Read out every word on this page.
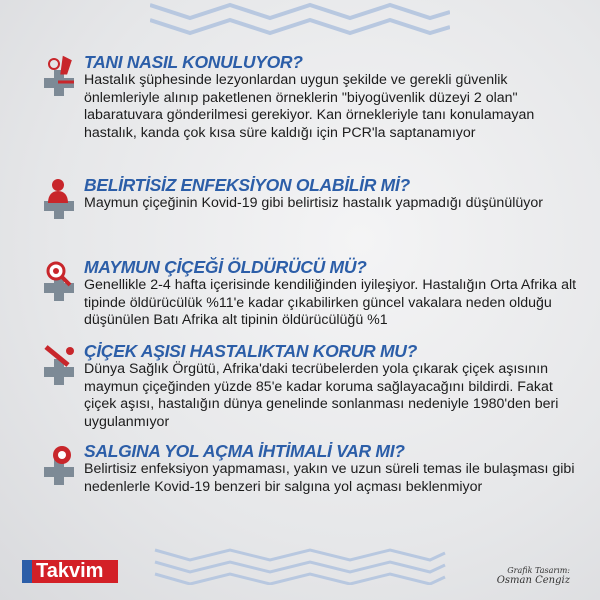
TANI NASIL KONULUYOR?
Hastalık şüphesinde lezyonlardan uygun şekilde ve gerekli güvenlik önlemleriyle alınıp paketlenen örneklerin "biyogüvenlik düzeyi 2 olan" labaratuvara gönderilmesi gerekiyor. Kan örnekleriyle tanı konulamayan hastalık, kanda çok kısa süre kaldığı için PCR'la saptanamıyor
BELİRTİSİZ ENFEKSİYON OLABİLİR Mİ?
Maymun çiçeğinin Kovid-19 gibi belirtisiz hastalık yapmadığı düşünülüyor
MAYMUN ÇİÇEĞİ ÖLDÜRÜCÜ MÜ?
Genellikle 2-4 hafta içerisinde kendiliğinden iyileşiyor. Hastalığın Orta Afrika alt tipinde öldürücülük %11'e kadar çıkabilirken güncel vakalara neden olduğu düşünülen Batı Afrika alt tipinin öldürücülüğü %1
ÇİÇEK AŞISI HASTALIKTAN KORUR MU?
Dünya Sağlık Örgütü, Afrika'daki tecrübelerden yola çıkarak çiçek aşısının maymun çiçeğinden yüzde 85'e kadar koruma sağlayacağını bildirdi. Fakat çiçek aşısı, hastalığın dünya genelinde sonlanması nedeniyle 1980'den beri uygulanmıyor
SALGINA YOL AÇMA İHTİMALİ VAR MI?
Belirtisiz enfeksiyon yapmaması, yakın ve uzun süreli temas ile bulaşması gibi nedenlerle Kovid-19 benzeri bir salgına yol açması beklenmiyor
Takvim	Grafik Tasarım:
Osman Cengiz
